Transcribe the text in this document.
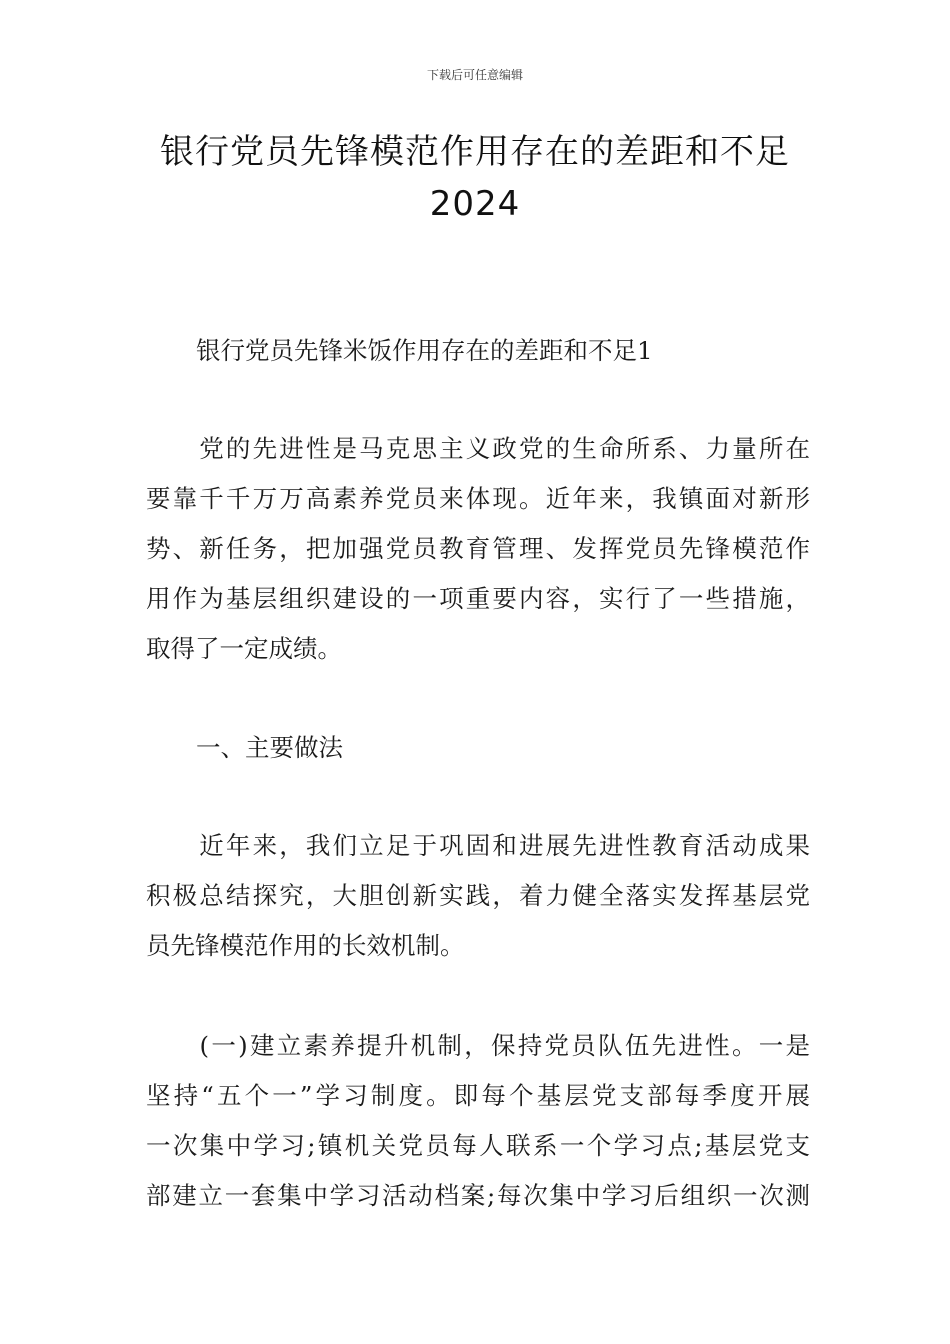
下载后可任意编辑
银行党员先锋模范作用存在的差距和不足
2024
银行党员先锋米饭作用存在的差距和不足1
　　党的先进性是马克思主义政党的生命所系、力量所在
要靠千千万万高素养党员来体现。近年来，我镇面对新形
势、新任务，把加强党员教育管理、发挥党员先锋模范作
用作为基层组织建设的一项重要内容，实行了一些措施，
取得了一定成绩。
一、主要做法
　　近年来，我们立足于巩固和进展先进性教育活动成果
积极总结探究，大胆创新实践，着力健全落实发挥基层党
员先锋模范作用的长效机制。
　　(一)建立素养提升机制，保持党员队伍先进性。一是
坚持“五个一”学习制度。即每个基层党支部每季度开展
一次集中学习;镇机关党员每人联系一个学习点;基层党支
部建立一套集中学习活动档案;每次集中学习后组织一次测
